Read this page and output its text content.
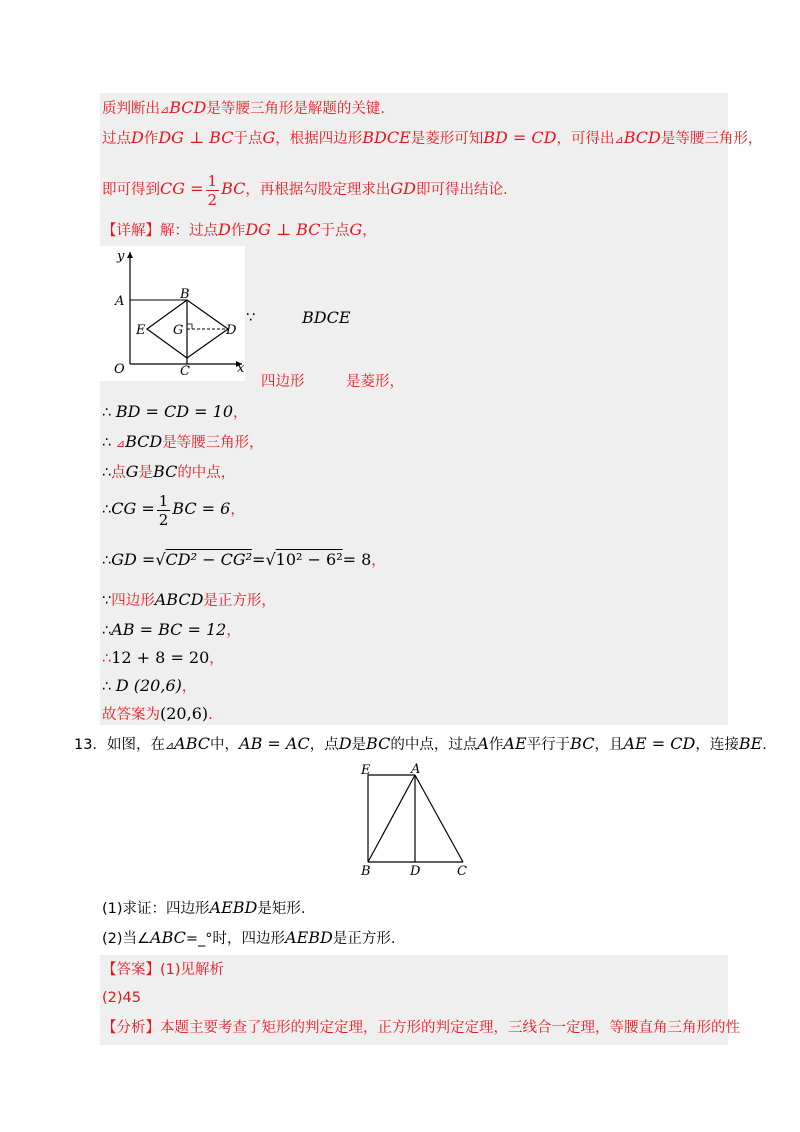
质判断出⊿BCD是等腰三角形是解题的关键.
过点D作DG ⊥ BC于点G，根据四边形BDCE是菱形可知BD = CD，可得出⊿BCD是等腰三角形，
即可得到CG = $\frac{1}{2}$ BC，再根据勾股定理求出GD即可得出结论.
【详解】解：过点D作DG ⊥ BC于点G，
y
x
A	B
E G	D
O	C
∵	BDCE
四边形	是菱形，
∴ BD = CD = 10，
∴ ⊿BCD是等腰三角形，
∴点G是BC的中点，
∴CG = $\frac{1}{2}$ BC = 6，
∴GD =√CD² − CG²=√10² − 6²= 8，
∵四边形ABCD是正方形，
∴AB = BC = 12，
∴12 + 8 = 20，
∴ D (20,6)，
故答案为(20,6).
13．如图，在⊿ABC中，AB = AC，点D是BC的中点，过点A作AE平行于BC，且AE = CD，连接BE.
E	A
B	D	C
(1)求证：四边形AEBD是矩形.
(2)当∠ABC=_°时，四边形AEBD是正方形.
【答案】(1)见解析
(2)45
【分析】本题主要考查了矩形的判定定理，正方形的判定定理，三线合一定理，等腰直角三角形的性
